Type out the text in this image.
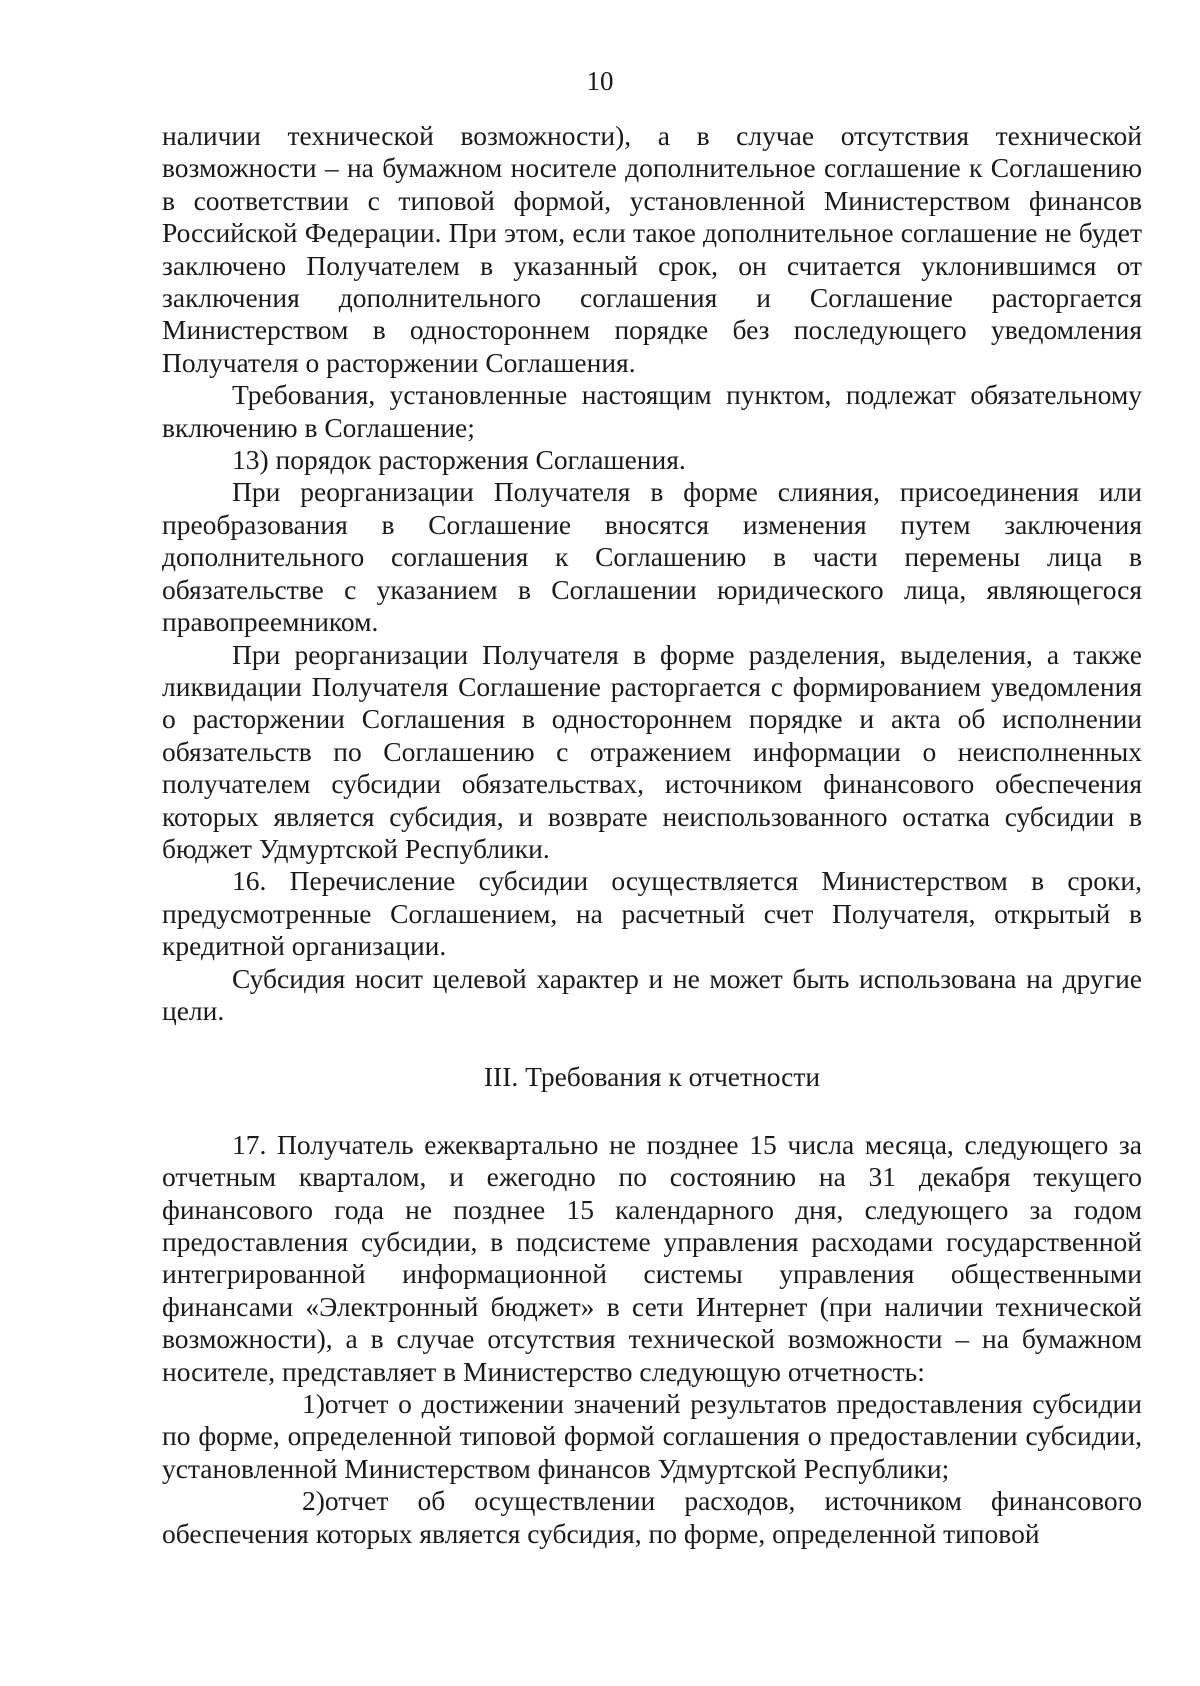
10

наличии технической возможности), а в случае отсутствия технической возможности – на бумажном носителе дополнительное соглашение к Соглашению в соответствии с типовой формой, установленной Министерством финансов Российской Федерации. При этом, если такое дополнительное соглашение не будет заключено Получателем в указанный срок, он считается уклонившимся от заключения дополнительного соглашения и Соглашение расторгается Министерством в одностороннем порядке без последующего уведомления Получателя о расторжении Соглашения.

Требования, установленные настоящим пунктом, подлежат обязательному включению в Соглашение;

13) порядок расторжения Соглашения.

При реорганизации Получателя в форме слияния, присоединения или преобразования в Соглашение вносятся изменения путем заключения дополнительного соглашения к Соглашению в части перемены лица в обязательстве с указанием в Соглашении юридического лица, являющегося правопреемником.

При реорганизации Получателя в форме разделения, выделения, а также ликвидации Получателя Соглашение расторгается с формированием уведомления о расторжении Соглашения в одностороннем порядке и акта об исполнении обязательств по Соглашению с отражением информации о неисполненных получателем субсидии обязательствах, источником финансового обеспечения которых является субсидия, и возврате неиспользованного остатка субсидии в бюджет Удмуртской Республики.

16. Перечисление субсидии осуществляется Министерством в сроки, предусмотренные Соглашением, на расчетный счет Получателя, открытый в кредитной организации.

Субсидия носит целевой характер и не может быть использована на другие цели.

III. Требования к отчетности

17. Получатель ежеквартально не позднее 15 числа месяца, следующего за отчетным кварталом, и ежегодно по состоянию на 31 декабря текущего финансового года не позднее 15 календарного дня, следующего за годом предоставления субсидии, в подсистеме управления расходами государственной интегрированной информационной системы управления общественными финансами «Электронный бюджет» в сети Интернет (при наличии технической возможности), а в случае отсутствия технической возможности – на бумажном носителе, представляет в Министерство следующую отчетность:

1)отчет о достижении значений результатов предоставления субсидии по форме, определенной типовой формой соглашения о предоставлении субсидии, установленной Министерством финансов Удмуртской Республики;

2)отчет об осуществлении расходов, источником финансового обеспечения которых является субсидия, по форме, определенной типовой
